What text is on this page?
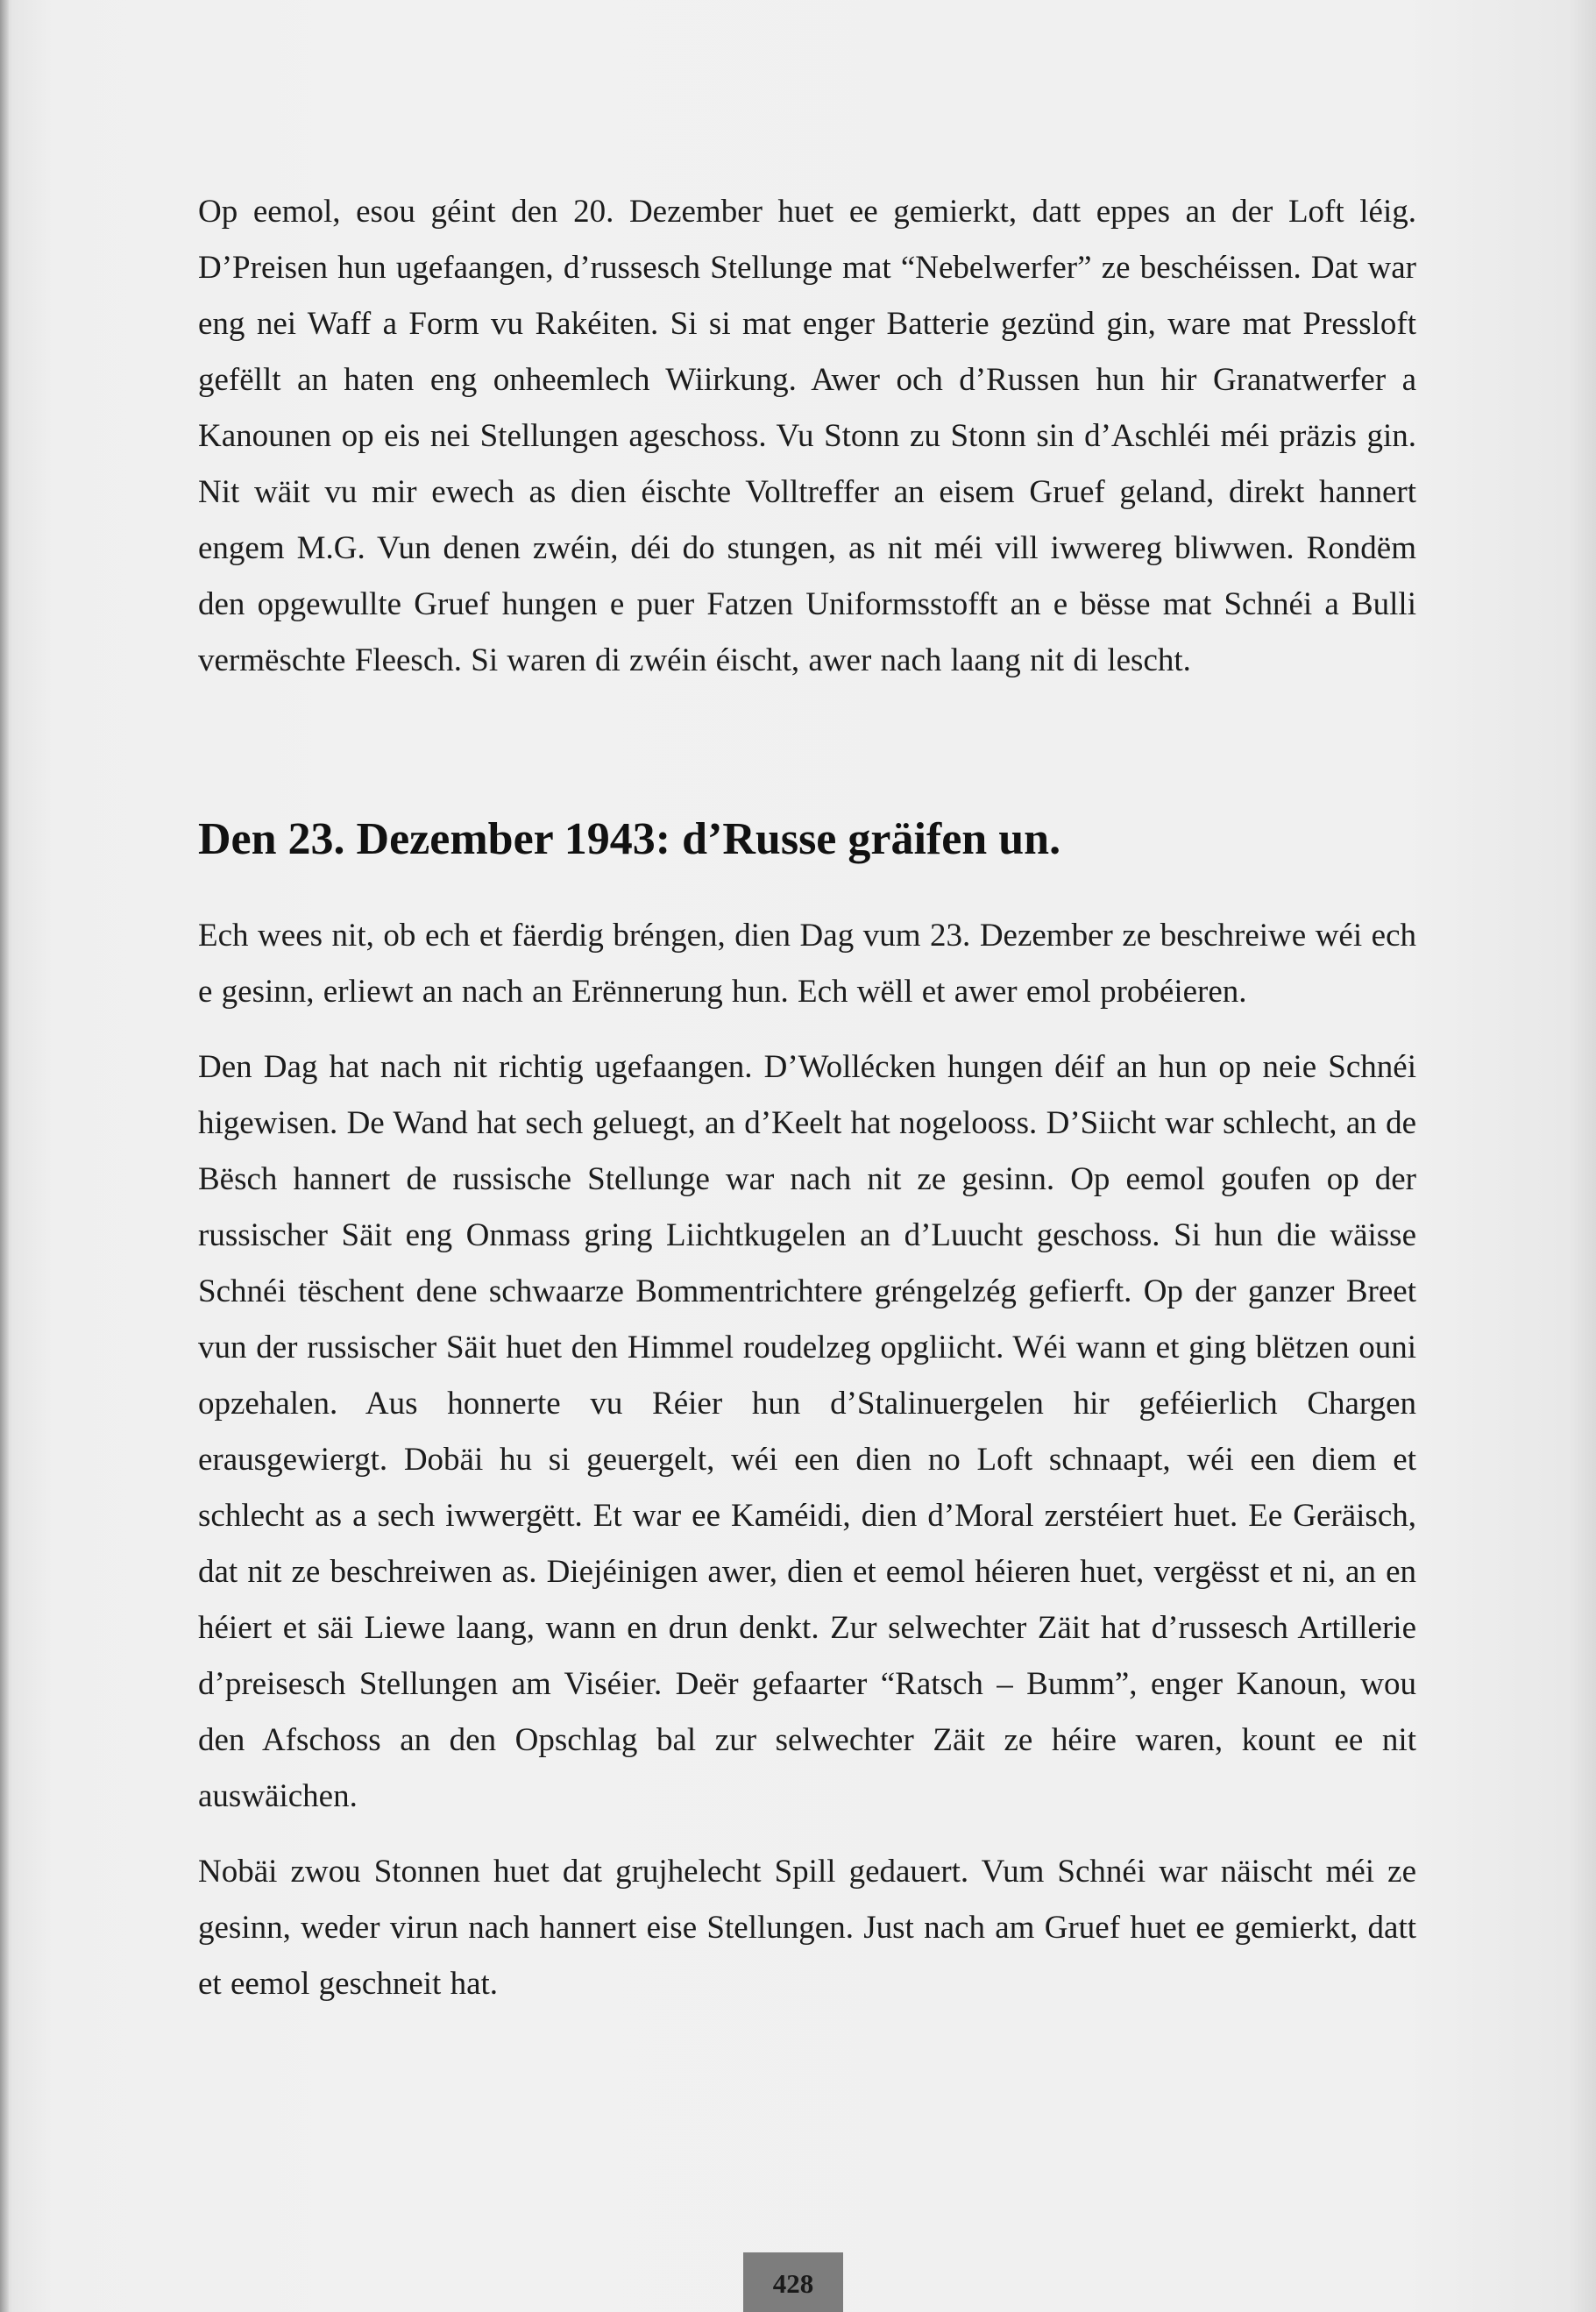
Op eemol, esou géint den 20. Dezember huet ee gemierkt, datt eppes an der Loft léig. D’Preisen hun ugefaangen, d’russesch Stellunge mat “Nebelwerfer” ze beschéissen. Dat war eng nei Waff a Form vu Rakéiten. Si si mat enger Batterie gezünd gin, ware mat Pressloft gefëllt an haten eng onheemlech Wiirkung. Awer och d’Russen hun hir Granatwerfer a Kanounen op eis nei Stellungen ageschoss. Vu Stonn zu Stonn sin d’Aschléi méi präzis gin. Nit wäit vu mir ewech as dien éischte Volltreffer an eisem Gruef geland, direkt hannert engem M.G. Vun denen zwéin, déi do stungen, as nit méi vill iwwereg bliwwen. Rondëm den opgewullte Gruef hungen e puer Fatzen Uniformsstofft an e bësse mat Schnéi a Bulli vermëschte Fleesch. Si waren di zwéin éischt, awer nach laang nit di lescht.

Den 23. Dezember 1943: d’Russe gräifen un.

Ech wees nit, ob ech et fäerdig bréngen, dien Dag vum 23. Dezember ze beschreiwe wéi ech e gesinn, erliewt an nach an Erënnerung hun. Ech wëll et awer emol probéieren.

Den Dag hat nach nit richtig ugefaangen. D’Wollécken hungen déif an hun op neie Schnéi higewisen. De Wand hat sech geluegt, an d’Keelt hat nogelooss. D’Siicht war schlecht, an de Bësch hannert de russische Stellunge war nach nit ze gesinn. Op eemol goufen op der russischer Säit eng Onmass gring Liichtkugelen an d’Luucht geschoss. Si hun die wäisse Schnéi tëschent dene schwaarze Bommentrichtere gréngelzég gefierft. Op der ganzer Breet vun der russischer Säit huet den Himmel roudelzeg opgliicht. Wéi wann et ging blëtzen ouni opzehalen. Aus honnerte vu Réier hun d’Stalinuergelen hir geféierlich Chargen erausgewiergt. Dobäi hu si geuergelt, wéi een dien no Loft schnaapt, wéi een diem et schlecht as a sech iwwergëtt. Et war ee Kaméidi, dien d’Moral zerstéiert huet. Ee Geräisch, dat nit ze beschreiwen as. Diejéinigen awer, dien et eemol héieren huet, vergësst et ni, an en héiert et säi Liewe laang, wann en drun denkt. Zur selwechter Zäit hat d’russesch Artillerie d’preisesch Stellungen am Viséier. Deër gefaarter “Ratsch – Bumm”, enger Kanoun, wou den Afschoss an den Opschlag bal zur selwechter Zäit ze héire waren, kount ee nit auswäichen.

Nobäi zwou Stonnen huet dat grujhelecht Spill gedauert. Vum Schnéi war näischt méi ze gesinn, weder virun nach hannert eise Stellungen. Just nach am Gruef huet ee gemierkt, datt et eemol geschneit hat.

428
